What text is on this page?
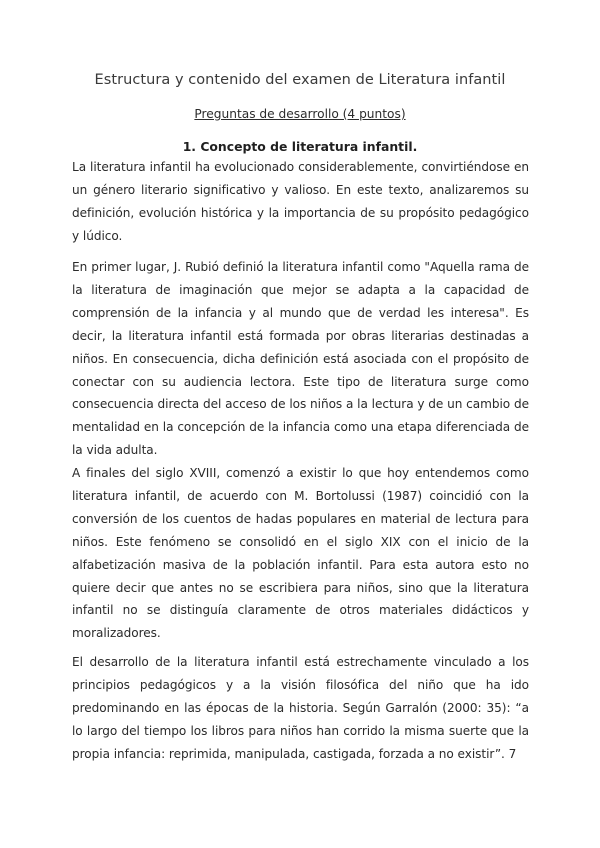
Estructura y contenido del examen de Literatura infantil
Preguntas de desarrollo (4 puntos)
1. Concepto de literatura infantil.

La literatura infantil ha evolucionado considerablemente, convirtiéndose en un género literario significativo y valioso. En este texto, analizaremos su definición, evolución histórica y la importancia de su propósito pedagógico y lúdico.

En primer lugar, J. Rubió definió la literatura infantil como "Aquella rama de la literatura de imaginación que mejor se adapta a la capacidad de comprensión de la infancia y al mundo que de verdad les interesa". Es decir, la literatura infantil está formada por obras literarias destinadas a niños. En consecuencia, dicha definición está asociada con el propósito de conectar con su audiencia lectora. Este tipo de literatura surge como consecuencia directa del acceso de los niños a la lectura y de un cambio de mentalidad en la concepción de la infancia como una etapa diferenciada de la vida adulta.

A finales del siglo XVIII, comenzó a existir lo que hoy entendemos como literatura infantil, de acuerdo con M. Bortolussi (1987) coincidió con la conversión de los cuentos de hadas populares en material de lectura para niños. Este fenómeno se consolidó en el siglo XIX con el inicio de la alfabetización masiva de la población infantil. Para esta autora esto no quiere decir que antes no se escribiera para niños, sino que la literatura infantil no se distinguía claramente de otros materiales didácticos y moralizadores.

El desarrollo de la literatura infantil está estrechamente vinculado a los principios pedagógicos y a la visión filosófica del niño que ha ido predominando en las épocas de la historia. Según Garralón (2000: 35): “a lo largo del tiempo los libros para niños han corrido la misma suerte que la propia infancia: reprimida, manipulada, castigada, forzada a no existir”. 7
